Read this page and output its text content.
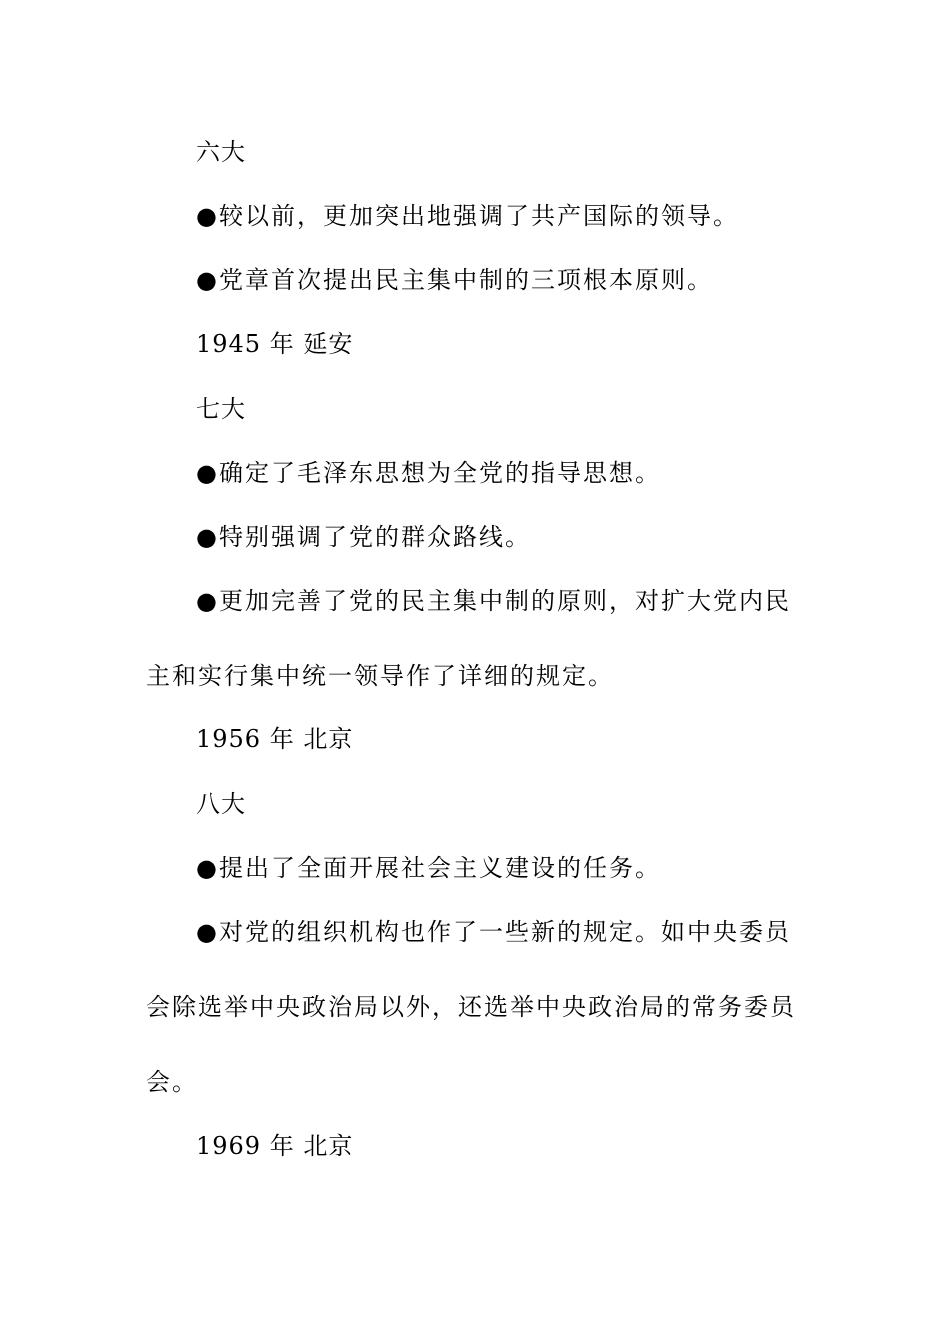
六大
●较以前，更加突出地强调了共产国际的领导。
●党章首次提出民主集中制的三项根本原则。
1945 年 延安
七大
●确定了毛泽东思想为全党的指导思想。
●特别强调了党的群众路线。
●更加完善了党的民主集中制的原则，对扩大党内民
主和实行集中统一领导作了详细的规定。
1956 年 北京
八大
●提出了全面开展社会主义建设的任务。
●对党的组织机构也作了一些新的规定。如中央委员
会除选举中央政治局以外，还选举中央政治局的常务委员
会。
1969 年 北京
